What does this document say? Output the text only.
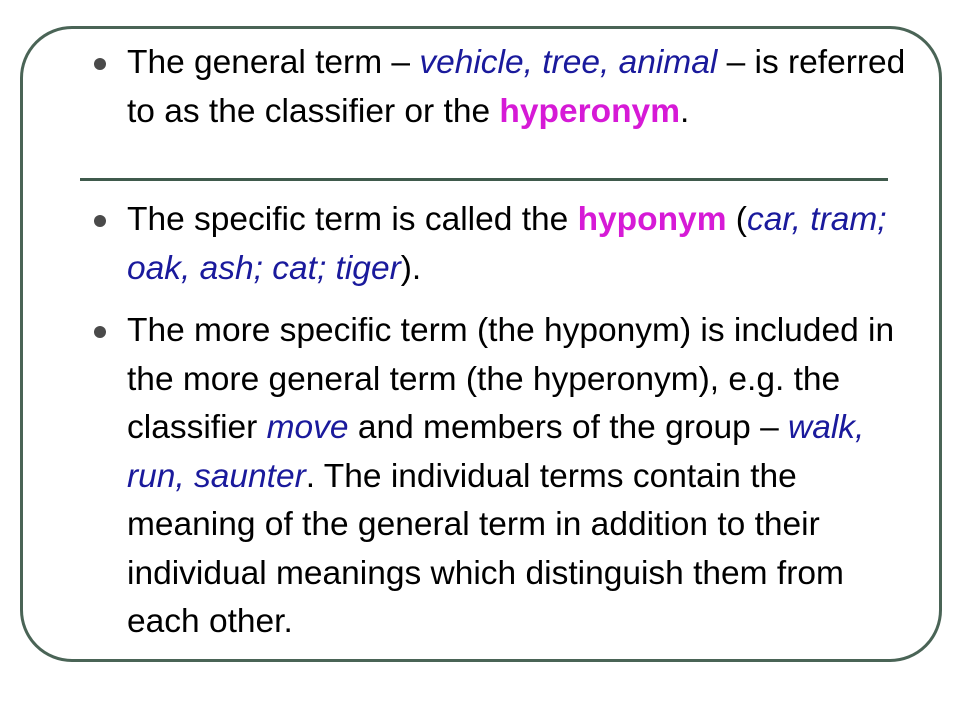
The general term – vehicle, tree, animal – is referred to as the classifier or the hyperonym.

The specific term is called the hyponym (car, tram; oak, ash; cat; tiger).

The more specific term (the hyponym) is included in the more general term (the hyperonym), e.g. the classifier move and members of the group – walk, run, saunter. The individual terms contain the meaning of the general term in addition to their individual meanings which distinguish them from each other.
